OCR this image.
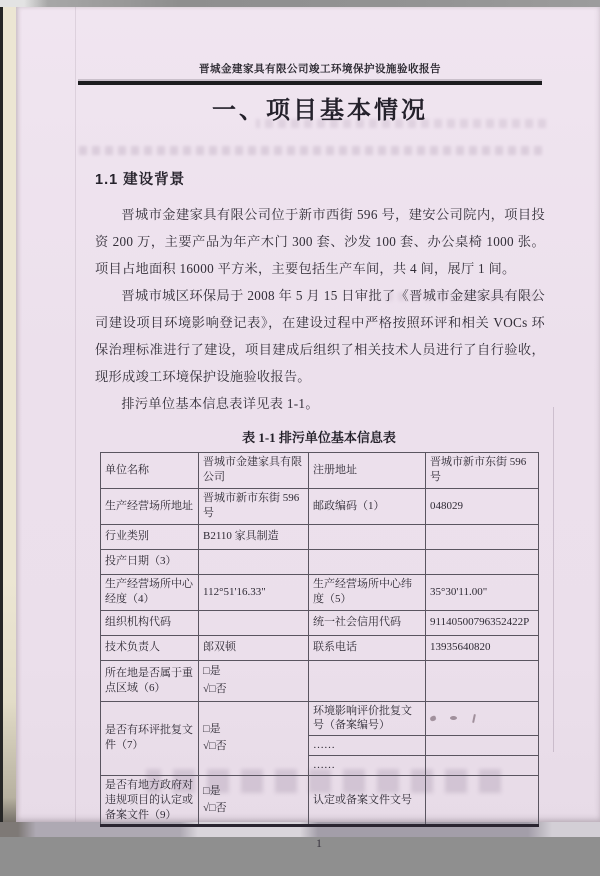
晋城金建家具有限公司竣工环境保护设施验收报告
一、项目基本情况
1.1 建设背景

晋城市金建家具有限公司位于新市西街 596 号，建安公司院内，项目投资 200 万，主要产品为年产木门 300 套、沙发 100 套、办公桌椅 1000 张。项目占地面积 16000 平方米，主要包括生产车间，共 4 间，展厅 1 间。

晋城市城区环保局于 2008 年 5 月 15 日审批了《晋城市金建家具有限公司建设项目环境影响登记表》，在建设过程中严格按照环评和相关 VOCs 环保治理标准进行了建设，项目建成后组织了相关技术人员进行了自行验收，现形成竣工环境保护设施验收报告。

排污单位基本信息表详见表 1-1。

表 1-1 排污单位基本信息表
单位名称	晋城市金建家具有限公司	注册地址	晋城市新市东街 596 号
生产经营场所地址	晋城市新市东街 596 号	邮政编码（1）	048029
行业类别	B2110 家具制造		
投产日期（3）			
生产经营场所中心经度（4）	112°51'16.33"	生产经营场所中心纬度（5）	35°30'11.00"
组织机构代码		统一社会信用代码	91140500796352422P
技术负责人	郎双顿	联系电话	13935640820
所在地是否属于重点区域（6）	□是
√□否		

是否有环评批复文件（7）	□是
√□否	环境影响评价批复文号（备案编号）	
		……	
		……	
是否有地方政府对违规项目的认定或备案文件（9）	□是
√□否	认定或备案文件文号	
1
